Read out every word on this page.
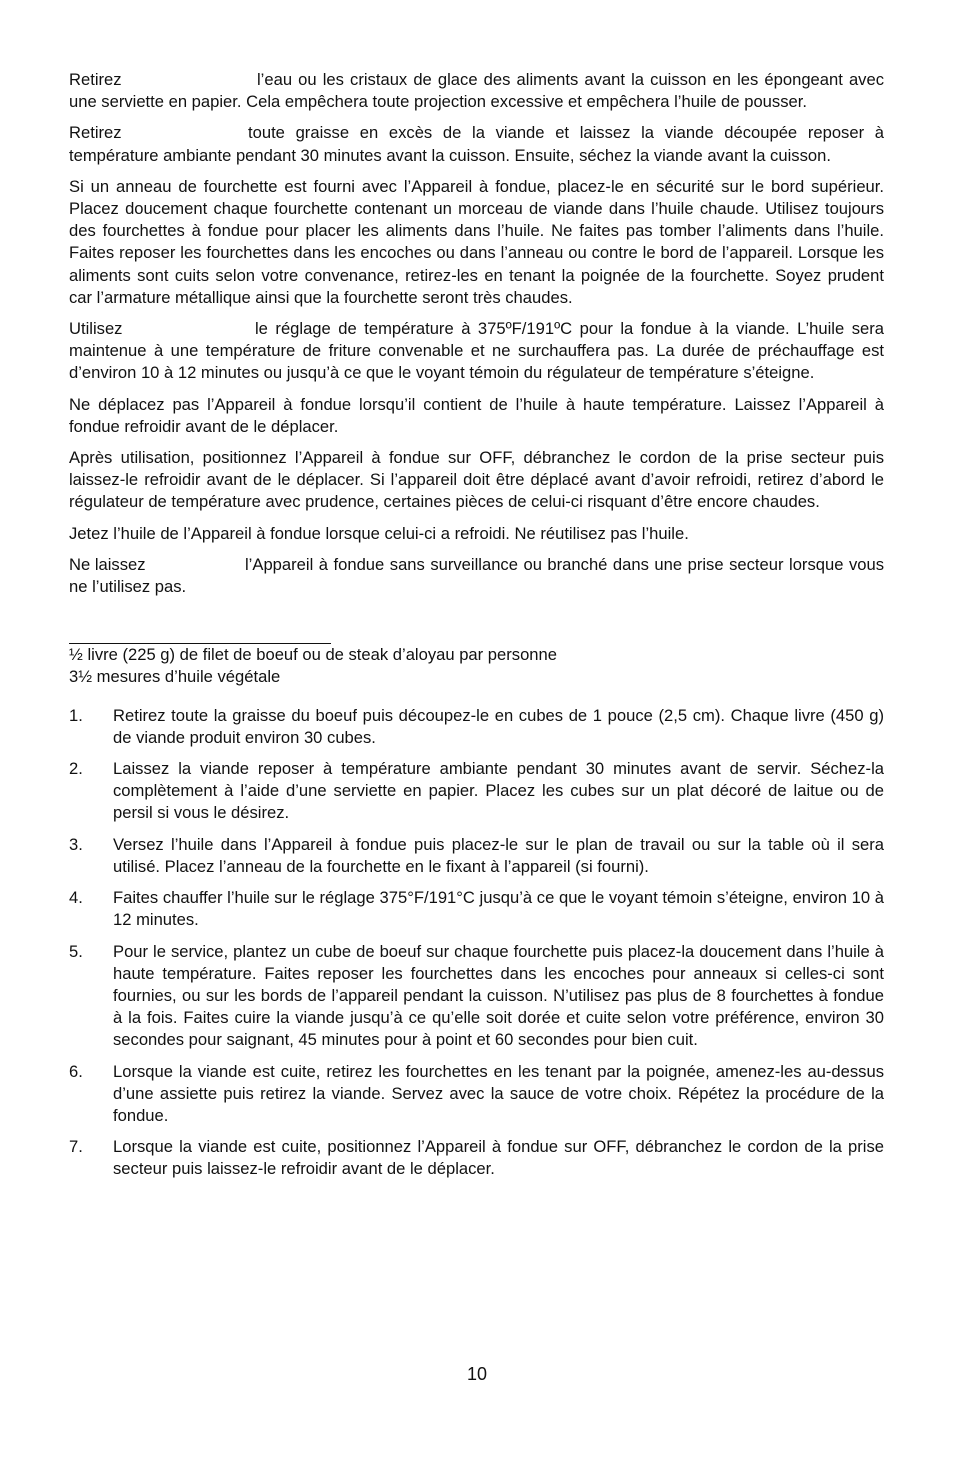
Retirez	l’eau ou les cristaux de glace des aliments avant la cuisson en les épongeant avec une serviette en papier. Cela empêchera toute projection excessive et empêchera l’huile de pousser.

Retirez	toute graisse en excès de la viande et laissez la viande découpée reposer à température ambiante pendant 30 minutes avant la cuisson. Ensuite, séchez la viande avant la cuisson.

Si un anneau de fourchette est fourni avec l’Appareil à fondue, placez-le en sécurité sur le bord supérieur. Placez doucement chaque fourchette contenant un morceau de viande dans l’huile chaude. Utilisez toujours des fourchettes à fondue pour placer les aliments dans l’huile. Ne faites pas tomber l’aliments dans l’huile. Faites reposer les fourchettes dans les encoches ou dans l’anneau ou contre le bord de l’appareil. Lorsque les aliments sont cuits selon votre convenance, retirez-les en tenant la poignée de la fourchette. Soyez prudent car l’armature métallique ainsi que la fourchette seront très chaudes.

Utilisez	le réglage de température à 375ºF/191ºC pour la fondue à la viande. L’huile sera maintenue à une température de friture convenable et ne surchauffera pas. La durée de préchauffage est d’environ 10 à 12 minutes ou jusqu’à ce que le voyant témoin du régulateur de température s’éteigne.

Ne déplacez pas l’Appareil à fondue lorsqu’il contient de l’huile à haute température. Laissez l’Appareil à fondue refroidir avant de le déplacer.

Après utilisation, positionnez l’Appareil à fondue sur OFF, débranchez le cordon de la prise secteur puis laissez-le refroidir avant de le déplacer. Si l’appareil doit être déplacé avant d’avoir refroidi, retirez d’abord le régulateur de température avec prudence, certaines pièces de celui-ci risquant d’être encore chaudes.

Jetez l’huile de l’Appareil à fondue lorsque celui-ci a refroidi. Ne réutilisez pas l’huile.

Ne laissez	l’Appareil à fondue sans surveillance ou branché dans une prise secteur lorsque vous ne l’utilisez pas.

½ livre (225 g) de filet de boeuf ou de steak d’aloyau par personne

3½ mesures d’huile végétale

1. Retirez toute la graisse du boeuf puis découpez-le en cubes de 1 pouce (2,5 cm). Chaque livre (450 g) de viande produit environ 30 cubes.
2. Laissez la viande reposer à température ambiante pendant 30 minutes avant de servir. Séchez-la complètement à l’aide d’une serviette en papier. Placez les cubes sur un plat décoré de laitue ou de persil si vous le désirez.
3. Versez l’huile dans l’Appareil à fondue puis placez-le sur le plan de travail ou sur la table où il sera utilisé. Placez l’anneau de la fourchette en le fixant à l’appareil (si fourni).
4. Faites chauffer l’huile sur le réglage 375°F/191°C jusqu’à ce que le voyant témoin s’éteigne, environ 10 à 12 minutes.
5. Pour le service, plantez un cube de boeuf sur chaque fourchette puis placez-la doucement dans l’huile à haute température. Faites reposer les fourchettes dans les encoches pour anneaux si celles-ci sont fournies, ou sur les bords de l’appareil pendant la cuisson. N’utilisez pas plus de 8 fourchettes à fondue à la fois. Faites cuire la viande jusqu’à ce qu’elle soit dorée et cuite selon votre préférence, environ 30 secondes pour saignant, 45 minutes pour à point et 60 secondes pour bien cuit.
6. Lorsque la viande est cuite, retirez les fourchettes en les tenant par la poignée, amenez-les au-dessus d’une assiette puis retirez la viande. Servez avec la sauce de votre choix. Répétez la procédure de la fondue.
7. Lorsque la viande est cuite, positionnez l’Appareil à fondue sur OFF, débranchez le cordon de la prise secteur puis laissez-le refroidir avant de le déplacer.
10
